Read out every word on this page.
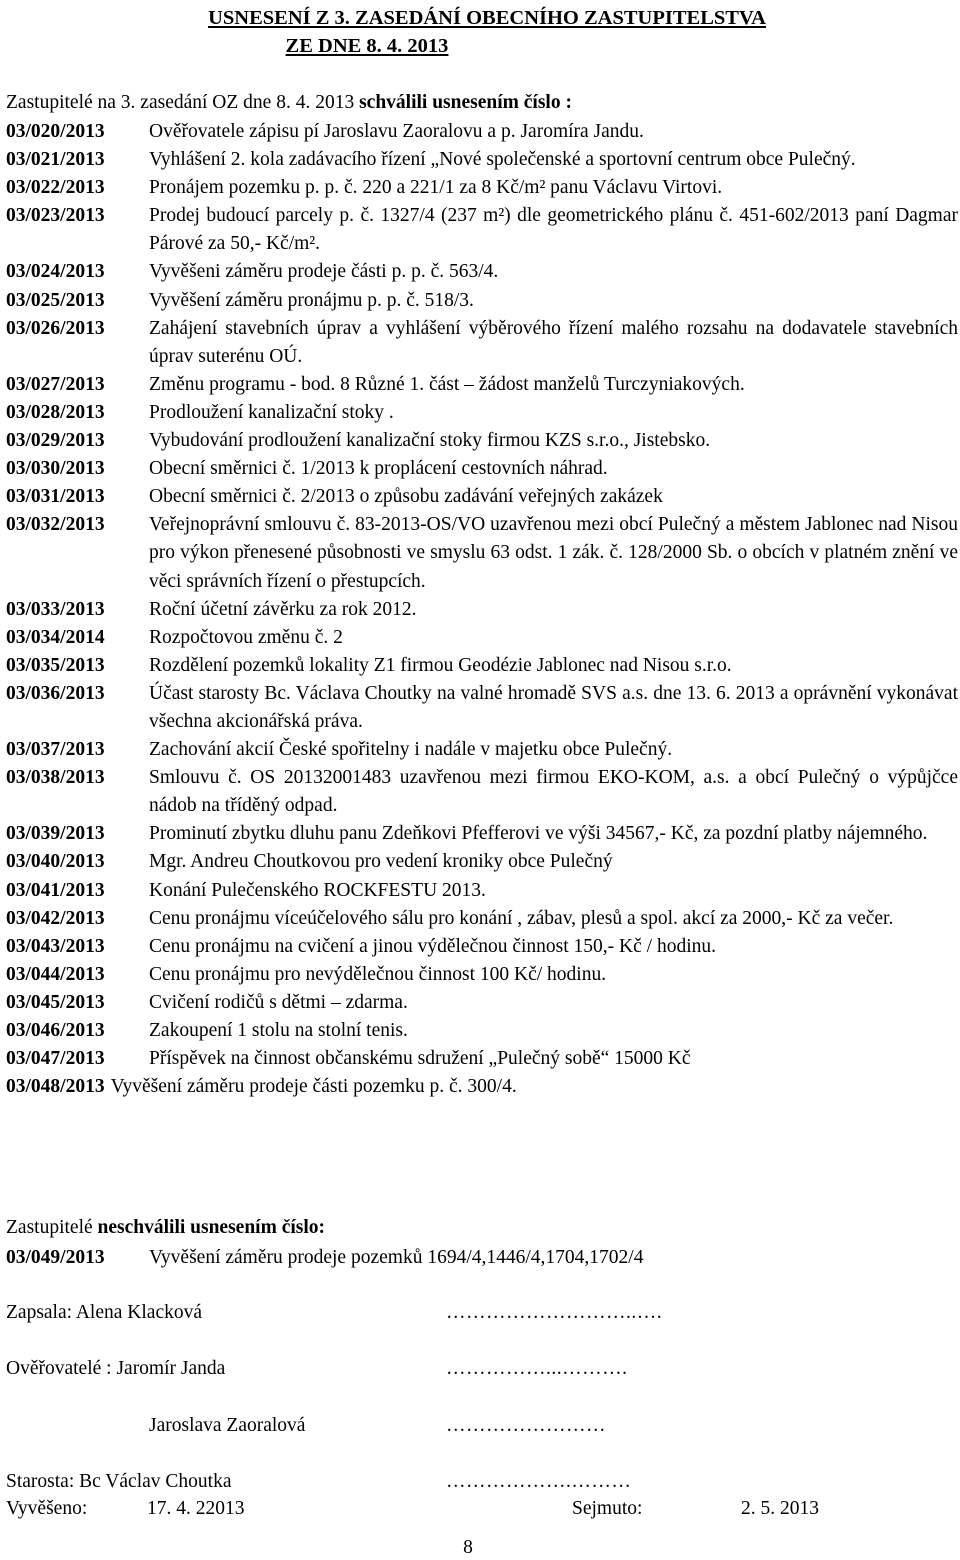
USNESENÍ Z 3. ZASEDÁNÍ OBECNÍHO ZASTUPITELSTVA
ZE DNE 8. 4. 2013
Zastupitelé na 3. zasedání OZ dne 8. 4. 2013 schválili usnesením číslo :
03/020/2013	Ověřovatele zápisu pí Jaroslavu Zaoralovu a p. Jaromíra Jandu.
03/021/2013	Vyhlášení 2. kola zadávacího řízení „Nové společenské a sportovní centrum obce Pulečný.
03/022/2013	Pronájem pozemku p. p. č. 220 a 221/1 za 8 Kč/m² panu Václavu Virtovi.
03/023/2013	Prodej budoucí parcely p. č. 1327/4 (237 m²) dle geometrického plánu č. 451-602/2013 paní Dagmar Párové za 50,- Kč/m².
03/024/2013	Vyvěšeni záměru prodeje části p. p. č. 563/4.
03/025/2013	Vyvěšení záměru pronájmu p. p. č. 518/3.
03/026/2013	Zahájení stavebních úprav a vyhlášení výběrového řízení malého rozsahu na dodavatele stavebních úprav suterénu OÚ.
03/027/2013	Změnu programu - bod. 8 Různé 1. část – žádost manželů Turczyniakových.
03/028/2013	Prodloužení kanalizační stoky .
03/029/2013	Vybudování prodloužení kanalizační stoky firmou KZS s.r.o., Jistebsko.
03/030/2013	Obecní směrnici č. 1/2013 k proplácení cestovních náhrad.
03/031/2013	Obecní směrnici č. 2/2013 o způsobu zadávání veřejných zakázek
03/032/2013	Veřejnoprávní smlouvu č. 83-2013-OS/VO uzavřenou mezi obcí Pulečný a městem Jablonec nad Nisou pro výkon přenesené působnosti ve smyslu 63 odst. 1 zák. č. 128/2000 Sb. o obcích v platném znění ve věci správních řízení o přestupcích.
03/033/2013	Roční účetní závěrku za rok 2012.
03/034/2014	Rozpočtovou změnu č. 2
03/035/2013	Rozdělení pozemků lokality Z1 firmou Geodézie Jablonec nad Nisou s.r.o.
03/036/2013	Účast starosty Bc. Václava Choutky na valné hromadě SVS a.s. dne 13. 6. 2013 a oprávnění vykonávat všechna akcionářská práva.
03/037/2013	Zachování akcií České spořitelny i nadále v majetku obce Pulečný.
03/038/2013	Smlouvu č. OS 20132001483 uzavřenou mezi firmou EKO-KOM, a.s. a obcí Pulečný o výpůjčce nádob na tříděný odpad.
03/039/2013	Prominutí zbytku dluhu panu Zdeňkovi Pfefferovi ve výši 34567,- Kč, za pozdní platby nájemného.
03/040/2013	Mgr. Andreu Choutkovou pro vedení kroniky obce Pulečný
03/041/2013	Konání Pulečenského ROCKFESTU 2013.
03/042/2013	Cenu pronájmu víceúčelového sálu pro konání , zábav, plesů a spol. akcí za 2000,- Kč za večer.
03/043/2013	Cenu pronájmu na cvičení a jinou výdělečnou činnost 150,- Kč / hodinu.
03/044/2013	Cenu pronájmu pro nevýdělečnou činnost 100 Kč/ hodinu.
03/045/2013	Cvičení rodičů s dětmi – zdarma.
03/046/2013	Zakoupení 1 stolu na stolní tenis.
03/047/2013	Příspěvek na činnost občanskému sdružení „Pulečný sobě“ 15000 Kč
03/048/2013 Vyvěšení záměru prodeje části pozemku p. č. 300/4.
Zastupitelé neschválili usnesením číslo:
03/049/2013	Vyvěšení záměru prodeje pozemků 1694/4,1446/4,1704,1702/4
Zapsala: Alena Klacková	………………………..….
Ověřovatelé : Jaromír Janda	……………...……….
Jaroslava Zaoralová	……………………
Starosta: Bc Václav Choutka	……………….………
Vyvěšeno:	17. 4. 22013	Sejmuto:	2. 5. 2013
8
